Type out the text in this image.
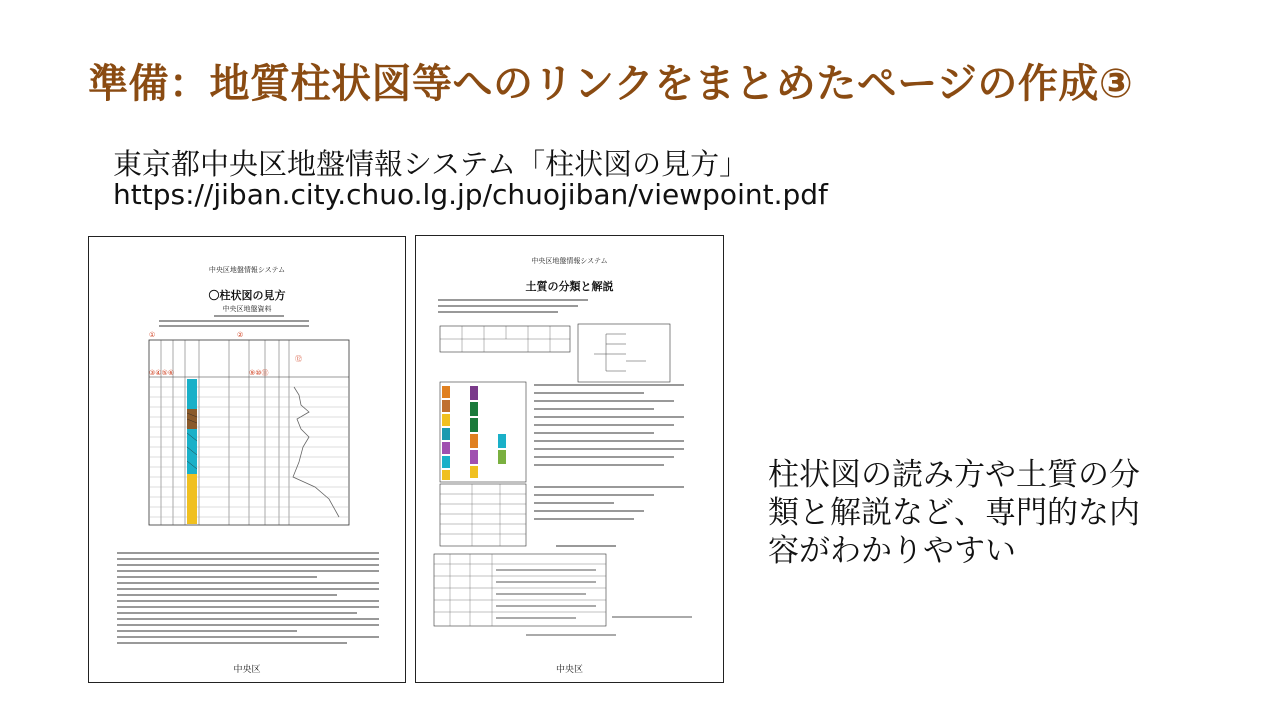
準備：地質柱状図等へのリンクをまとめたページの作成③
東京都中央区地盤情報システム「柱状図の見方」
https://jiban.city.chuo.lg.jp/chuojiban/viewpoint.pdf
中央区地盤情報システム
〇柱状図の見方
中央区地盤資料
①	②
⑫
③④⑤⑥	⑨⑩⑪
中央区
中央区地盤情報システム
土質の分類と解説
中央区
柱状図の読み方や土質の分類と解説など、専門的な内容がわかりやすい
